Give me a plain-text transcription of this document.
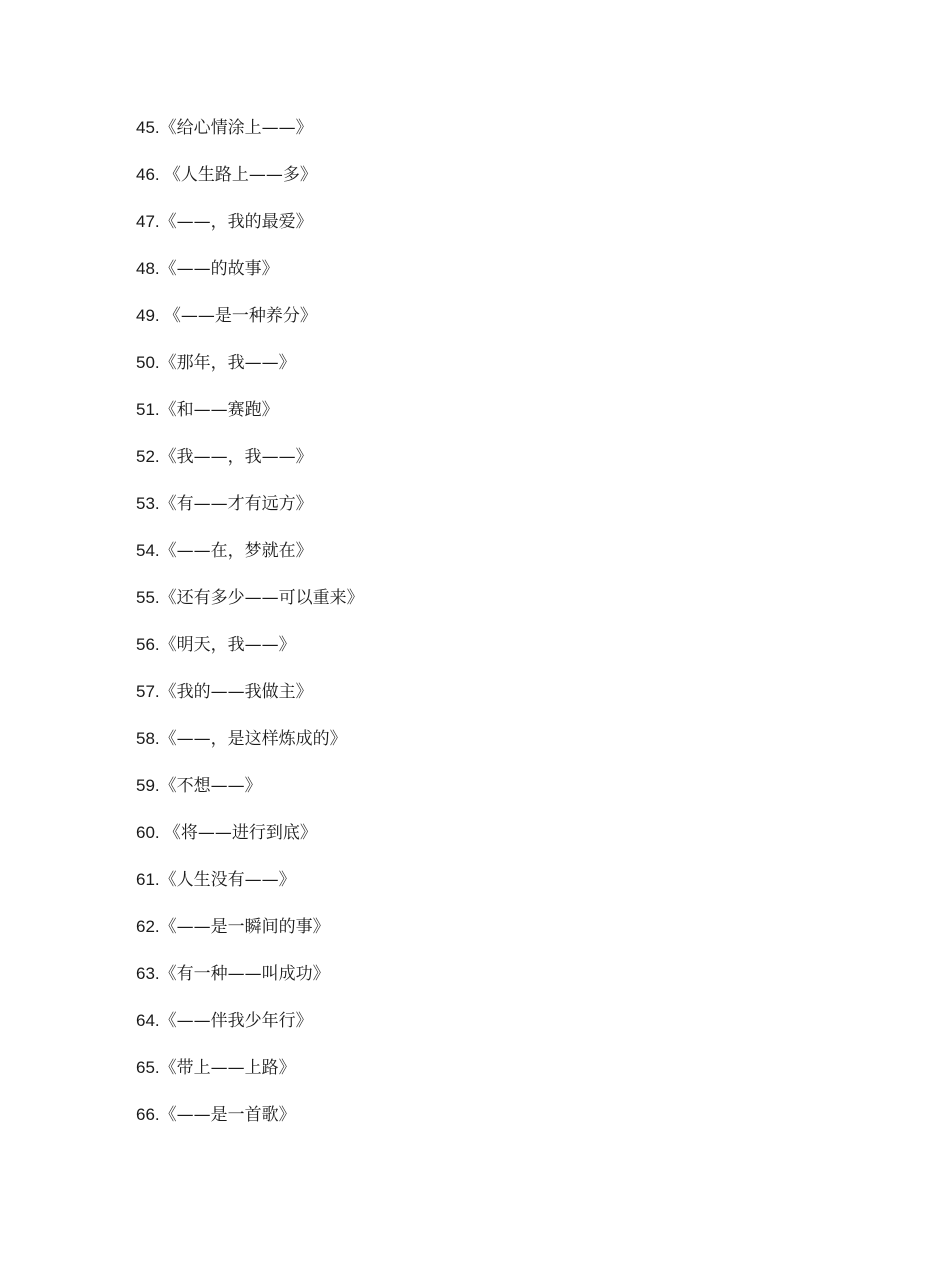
45.《给心情涂上——》
46. 《人生路上——多》
47.《——，我的最爱》
48.《——的故事》
49. 《——是一种养分》
50.《那年，我——》
51.《和——赛跑》
52.《我——，我——》
53.《有——才有远方》
54.《——在，梦就在》
55.《还有多少——可以重来》
56.《明天，我——》
57.《我的——我做主》
58.《——，是这样炼成的》
59.《不想——》
60. 《将——进行到底》
61.《人生没有——》
62.《——是一瞬间的事》
63.《有一种——叫成功》
64.《——伴我少年行》
65.《带上——上路》
66.《——是一首歌》
